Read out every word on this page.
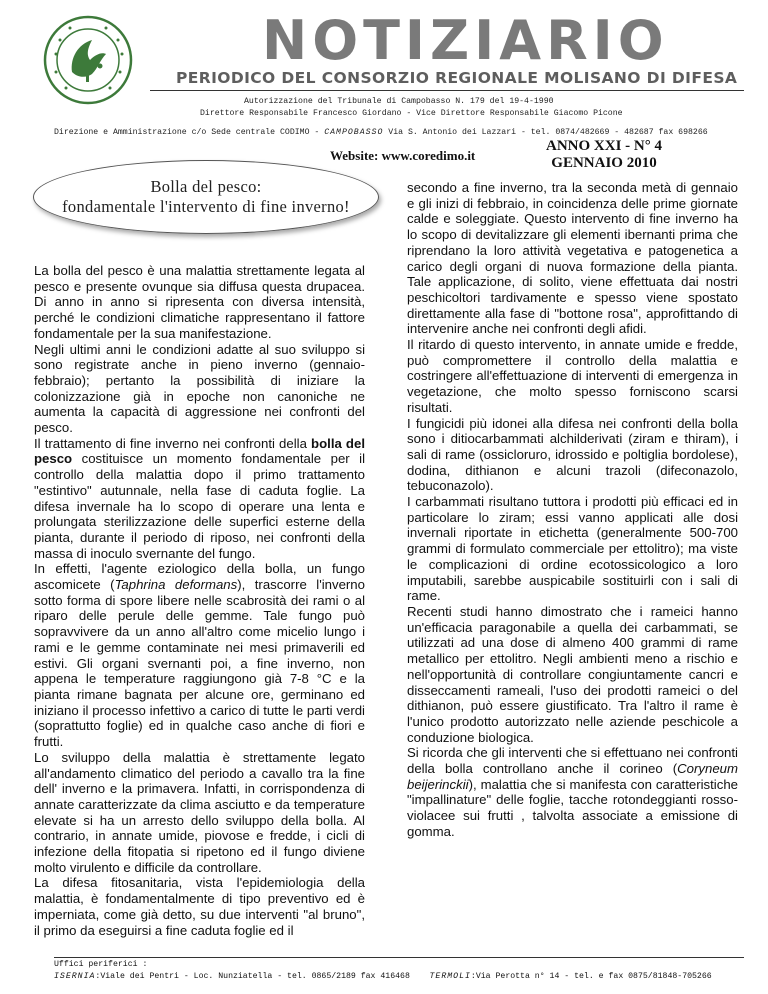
NOTIZIARIO
PERIODICO DEL CONSORZIO REGIONALE MOLISANO DI DIFESA
Autorizzazione del Tribunale di Campobasso N. 179 del 19-4-1990
Direttore Responsabile Francesco Giordano - Vice Direttore Responsabile Giacomo Picone
Direzione e Amministrazione c/o Sede centrale CODIMO - CAMPOBASSO Via S. Antonio dei Lazzari - tel. 0874/482669 - 482687 fax 698266
Website: www.coredimo.it
ANNO XXI - N° 4
GENNAIO 2010
Bolla del pesco:
fondamentale l'intervento di fine inverno!

La bolla del pesco è una malattia strettamente legata al pesco e presente ovunque sia diffusa questa drupacea. Di anno in anno si ripresenta con diversa intensità, perché le condizioni climatiche rappresentano il fattore fondamentale per la sua manifestazione.

Negli ultimi anni le condizioni adatte al suo sviluppo si sono registrate anche in pieno inverno (gennaio-febbraio); pertanto la possibilità di iniziare la colonizzazione già in epoche non canoniche ne aumenta la capacità di aggressione nei confronti del pesco.

Il trattamento di fine inverno nei confronti della bolla del pesco costituisce un momento fondamentale per il controllo della malattia dopo il primo trattamento "estintivo" autunnale, nella fase di caduta foglie. La difesa invernale ha lo scopo di operare una lenta e prolungata sterilizzazione delle superfici esterne della pianta, durante il periodo di riposo, nei confronti della massa di inoculo svernante del fungo.

In effetti, l'agente eziologico della bolla, un fungo ascomicete (Taphrina deformans), trascorre l'inverno sotto forma di spore libere nelle scabrosità dei rami o al riparo delle perule delle gemme. Tale fungo può sopravvivere da un anno all'altro come micelio lungo i rami e le gemme contaminate nei mesi primaverili ed estivi. Gli organi svernanti poi, a fine inverno, non appena le temperature raggiungono già 7-8 °C e la pianta rimane bagnata per alcune ore, germinano ed iniziano il processo infettivo a carico di tutte le parti verdi (soprattutto foglie) ed in qualche caso anche di fiori e frutti.

Lo sviluppo della malattia è strettamente legato all'andamento climatico del periodo a cavallo tra la fine dell' inverno e la primavera. Infatti, in corrispondenza di annate caratterizzate da clima asciutto e da temperature elevate si ha un arresto dello sviluppo della bolla. Al contrario, in annate umide, piovose e fredde, i cicli di infezione della fitopatia si ripetono ed il fungo diviene molto virulento e difficile da controllare.

La difesa fitosanitaria, vista l'epidemiologia della malattia, è fondamentalmente di tipo preventivo ed è imperniata, come già detto, su due interventi "al bruno", il primo da eseguirsi a fine caduta foglie ed il

secondo a fine inverno, tra la seconda metà di gennaio e gli inizi di febbraio, in coincidenza delle prime giornate calde e soleggiate. Questo intervento di fine inverno ha lo scopo di devitalizzare gli elementi ibernanti prima che riprendano la loro attività vegetativa e patogenetica a carico degli organi di nuova formazione della pianta. Tale applicazione, di solito, viene effettuata dai nostri peschicoltori tardivamente e spesso viene spostato direttamente alla fase di "bottone rosa", approfittando di intervenire anche nei confronti degli afidi.

Il ritardo di questo intervento, in annate umide e fredde, può compromettere il controllo della malattia e costringere all'effettuazione di interventi di emergenza in vegetazione, che molto spesso forniscono scarsi risultati.

I fungicidi più idonei alla difesa nei confronti della bolla sono i ditiocarbammati alchilderivati (ziram e thiram), i sali di rame (ossicloruro, idrossido e poltiglia bordolese), dodina, dithianon e alcuni trazoli (difeconazolo, tebuconazolo).

I carbammati risultano tuttora i prodotti più efficaci ed in particolare lo ziram; essi vanno applicati alle dosi invernali riportate in etichetta (generalmente 500-700 grammi di formulato commerciale per ettolitro); ma viste le complicazioni di ordine ecotossicologico a loro imputabili, sarebbe auspicabile sostituirli con i sali di rame.

Recenti studi hanno dimostrato che i rameici hanno un'efficacia paragonabile a quella dei carbammati, se utilizzati ad una dose di almeno 400 grammi di rame metallico per ettolitro. Negli ambienti meno a rischio e nell'opportunità di controllare congiuntamente cancri e disseccamenti rameali, l'uso dei prodotti rameici o del dithianon, può essere giustificato. Tra l'altro il rame è l'unico prodotto autorizzato nelle aziende peschicole a conduzione biologica.

Si ricorda che gli interventi che si effettuano nei confronti della bolla controllano anche il corineo (Coryneum beijerinckii), malattia che si manifesta con caratteristiche "impallinature" delle foglie, tacche rotondeggianti rosso-violacee sui frutti , talvolta associate a emissione di gomma.

Uffici periferici :
ISERNIA:Viale dei Pentri - Loc. Nunziatella - tel. 0865/2189 fax 416468 TERMOLI:Via Perotta n° 14 - tel. e fax 0875/81848-705266
